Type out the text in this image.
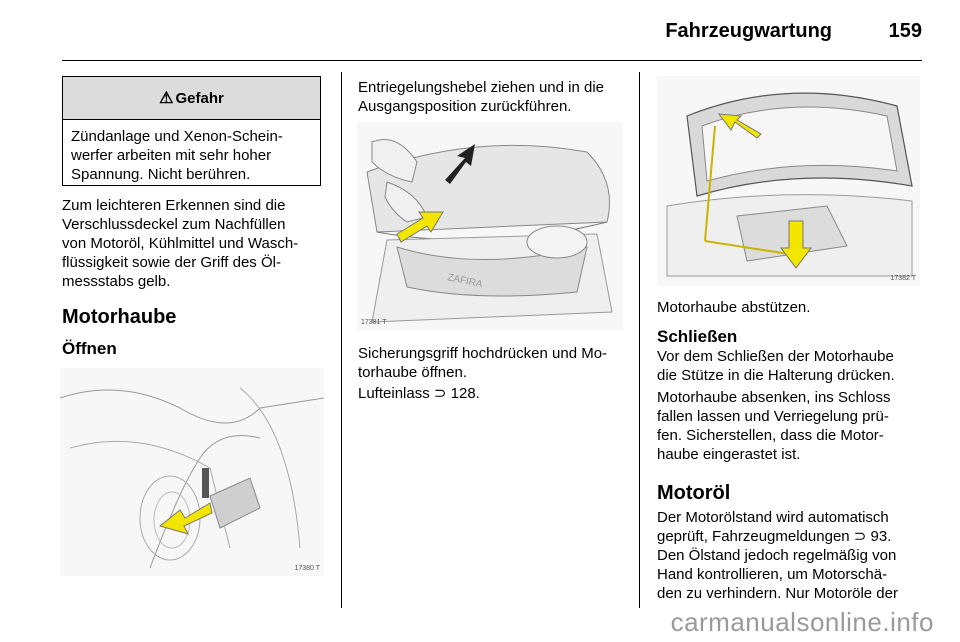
Fahrzeugwartung	159
⚠ Gefahr
Zündanlage und Xenon-Schein-
werfer arbeiten mit sehr hoher
Spannung. Nicht berühren.
Zum leichteren Erkennen sind die
Verschlussdeckel zum Nachfüllen
von Motoröl, Kühlmittel und Wasch-
flüssigkeit sowie der Griff des Öl-
messstabs gelb.
Motorhaube
Öffnen
17380 T
Entriegelungshebel ziehen und in die
Ausgangsposition zurückführen.
ZAFIRA
17381 T
Sicherungsgriff hochdrücken und Mo-
torhaube öffnen.
Lufteinlass ⊃ 128.
17382 T
Motorhaube abstützen.
Schließen
Vor dem Schließen der Motorhaube
die Stütze in die Halterung drücken.
Motorhaube absenken, ins Schloss
fallen lassen und Verriegelung prü-
fen. Sicherstellen, dass die Motor-
haube eingerastet ist.
Motoröl
Der Motorölstand wird automatisch
geprüft, Fahrzeugmeldungen ⊃ 93.
Den Ölstand jedoch regelmäßig von
Hand kontrollieren, um Motorschä-
den zu verhindern. Nur Motoröle der
carmanualsonline.info
